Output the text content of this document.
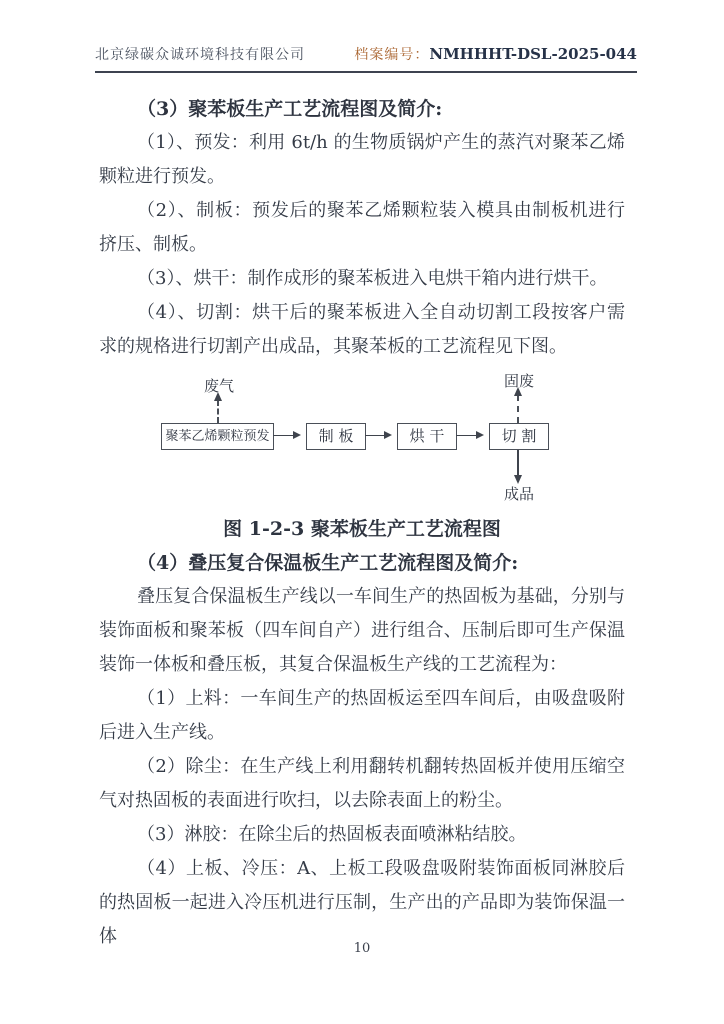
北京绿碳众诚环境科技有限公司	档案编号：NMHHHT-DSL-2025-044
（3）聚苯板生产工艺流程图及简介:

（1）、预发：利用 6t/h 的生物质锅炉产生的蒸汽对聚苯乙烯颗粒进行预发。

（2）、制板：预发后的聚苯乙烯颗粒装入模具由制板机进行挤压、制板。

（3）、烘干：制作成形的聚苯板进入电烘干箱内进行烘干。

（4）、切割：烘干后的聚苯板进入全自动切割工段按客户需求的规格进行切割产出成品，其聚苯板的工艺流程见下图。

废气	固废
成品
聚苯乙烯颗粒预发	制 板	烘 干	切 割
图 1-2-3 聚苯板生产工艺流程图
（4）叠压复合保温板生产工艺流程图及简介:

叠压复合保温板生产线以一车间生产的热固板为基础，分别与装饰面板和聚苯板（四车间自产）进行组合、压制后即可生产保温装饰一体板和叠压板，其复合保温板生产线的工艺流程为：

（1）上料：一车间生产的热固板运至四车间后，由吸盘吸附后进入生产线。

（2）除尘：在生产线上利用翻转机翻转热固板并使用压缩空气对热固板的表面进行吹扫，以去除表面上的粉尘。

（3）淋胶：在除尘后的热固板表面喷淋粘结胶。

（4）上板、冷压：A、上板工段吸盘吸附装饰面板同淋胶后的热固板一起进入冷压机进行压制，生产出的产品即为装饰保温一体

10
